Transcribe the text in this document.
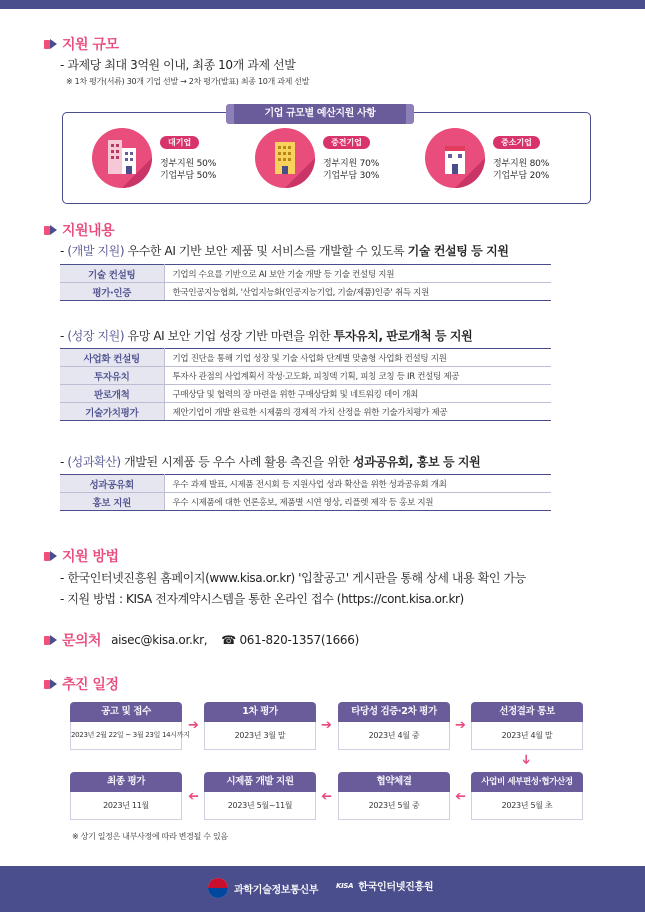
지원 규모
- 과제당 최대 3억원 이내, 최종 10개 과제 선발
※ 1차 평가(서류) 30개 기업 선발 → 2차 평가(발표) 최종 10개 과제 선발
기업 규모별 예산지원 사항
대기업
정부지원 50%
기업부담 50%
중견기업
정부지원 70%
기업부담 30%
중소기업
정부지원 80%
기업부담 20%
지원내용
- (개발 지원) 우수한 AI 기반 보안 제품 및 서비스를 개발할 수 있도록 기술 컨설팅 등 지원
기술 컨설팅	기업의 수요를 기반으로 AI 보안 기술 개발 등 기술 컨설팅 지원
평가·인증	한국인공지능협회, '산업지능화(인공지능기업, 기술/제품)인증' 취득 지원
- (성장 지원) 유망 AI 보안 기업 성장 기반 마련을 위한 투자유치, 판로개척 등 지원
사업화 컨설팅	기업 진단을 통해 기업 성장 및 기술 사업화 단계별 맞춤형 사업화 컨설팅 지원
투자유치	투자사 관점의 사업계획서 작성·고도화, 피칭덱 기획, 피칭 코칭 등 IR 컨설팅 제공
판로개척	구매상담 및 협력의 장 마련을 위한 구매상담회 및 네트워킹 데이 개최
기술가치평가	제안기업이 개발 완료한 시제품의 경제적 가치 산정을 위한 기술가치평가 제공
- (성과확산) 개발된 시제품 등 우수 사례 활용 촉진을 위한 성과공유회, 홍보 등 지원
성과공유회	우수 과제 발표, 시제품 전시회 등 지원사업 성과 확산을 위한 성과공유회 개최
홍보 지원	우수 시제품에 대한 언론홍보, 제품별 시연 영상, 리플렛 제작 등 홍보 지원
지원 방법
- 한국인터넷진흥원 홈페이지(www.kisa.or.kr) '입찰공고' 게시판을 통해 상세 내용 확인 가능
- 지원 방법 : KISA 전자계약시스템을 통한 온라인 접수 (https://cont.kisa.or.kr)
문의처 aisec@kisa.or.kr, ☎ 061-820-1357(1666)
추진 일정
공고 및 접수
2023년 2월 22일 ~ 3월 23일 14시까지
➔
1차 평가
2023년 3월 말
➔
타당성 검증·2차 평가
2023년 4월 중
➔
선정결과 통보
2023년 4월 말
➔
사업비 세부편성·협가산정
2023년 5월 초
➔
협약체결
2023년 5월 중
➔
시제품 개발 지원
2023년 5월~11월
➔
최종 평가
2023년 11월
※ 상기 일정은 내부사정에 따라 변경될 수 있음
과학기술정보통신부	KISA 한국인터넷진흥원
